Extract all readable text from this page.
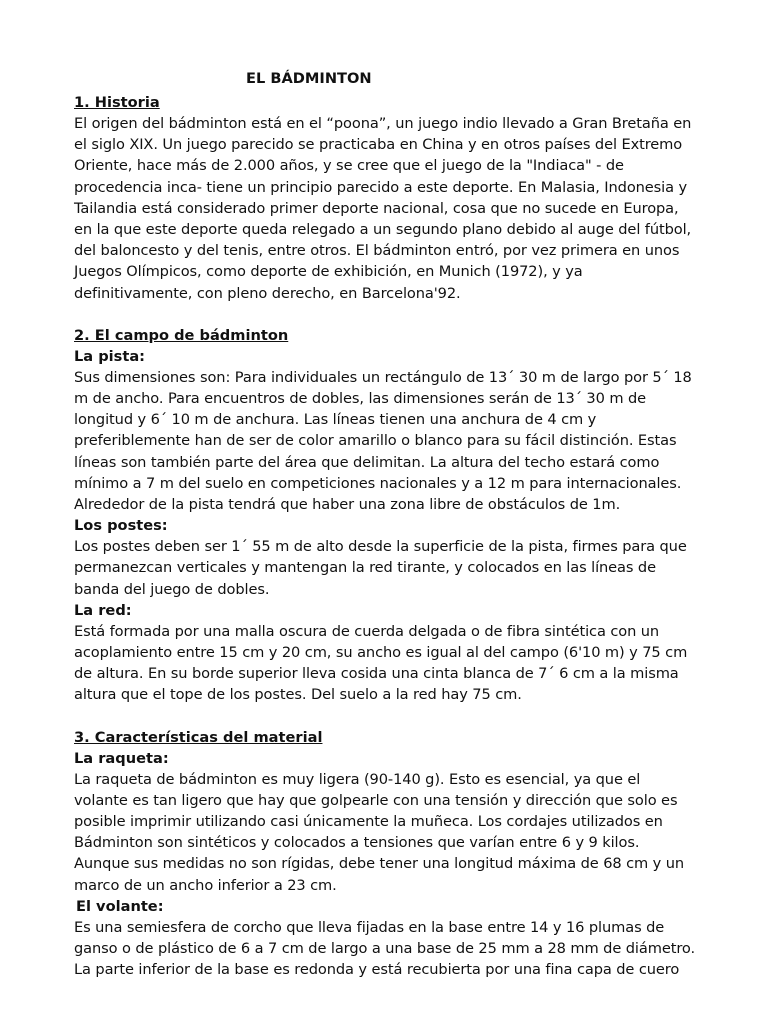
EL BÁDMINTON
1. Historia

El origen del bádminton está en el “poona”, un juego indio llevado a Gran Bretaña en el siglo XIX. Un juego parecido se practicaba en China y en otros países del Extremo Oriente, hace más de 2.000 años, y se cree que el juego de la "Indiaca" - de procedencia inca- tiene un principio parecido a este deporte. En Malasia, Indonesia y Tailandia está considerado primer deporte nacional, cosa que no sucede en Europa, en la que este deporte queda relegado a un segundo plano debido al auge del fútbol, del baloncesto y del tenis, entre otros. El bádminton entró, por vez primera en unos Juegos Olímpicos, como deporte de exhibición, en Munich (1972), y ya definitivamente, con pleno derecho, en Barcelona'92.

2. El campo de bádminton
La pista:

Sus dimensiones son: Para individuales un rectángulo de 13´ 30 m de largo por 5´ 18 m de ancho. Para encuentros de dobles, las dimensiones serán de 13´ 30 m de longitud y 6´ 10 m de anchura. Las líneas tienen una anchura de 4 cm y preferiblemente han de ser de color amarillo o blanco para su fácil distinción. Estas líneas son también parte del área que delimitan. La altura del techo estará como mínimo a 7 m del suelo en competiciones nacionales y a 12 m para internacionales. Alrededor de la pista tendrá que haber una zona libre de obstáculos de 1m.

Los postes:

Los postes deben ser 1´ 55 m de alto desde la superficie de la pista, firmes para que permanezcan verticales y mantengan la red tirante, y colocados en las líneas de banda del juego de dobles.

La red:

Está formada por una malla oscura de cuerda delgada o de fibra sintética con un acoplamiento entre 15 cm y 20 cm, su ancho es igual al del campo (6'10 m) y 75 cm de altura. En su borde superior lleva cosida una cinta blanca de 7´ 6 cm a la misma altura que el tope de los postes. Del suelo a la red hay 75 cm.

3. Características del material
La raqueta:

La raqueta de bádminton es muy ligera (90-140 g). Esto es esencial, ya que el volante es tan ligero que hay que golpearle con una tensión y dirección que solo es posible imprimir utilizando casi únicamente la muñeca. Los cordajes utilizados en Bádminton son sintéticos y colocados a tensiones que varían entre 6 y 9 kilos. Aunque sus medidas no son rígidas, debe tener una longitud máxima de 68 cm y un marco de un ancho inferior a 23 cm.

El volante:

Es una semiesfera de corcho que lleva fijadas en la base entre 14 y 16 plumas de ganso o de plástico de 6 a 7 cm de largo a una base de 25 mm a 28 mm de diámetro. La parte inferior de la base es redonda y está recubierta por una fina capa de cuero
